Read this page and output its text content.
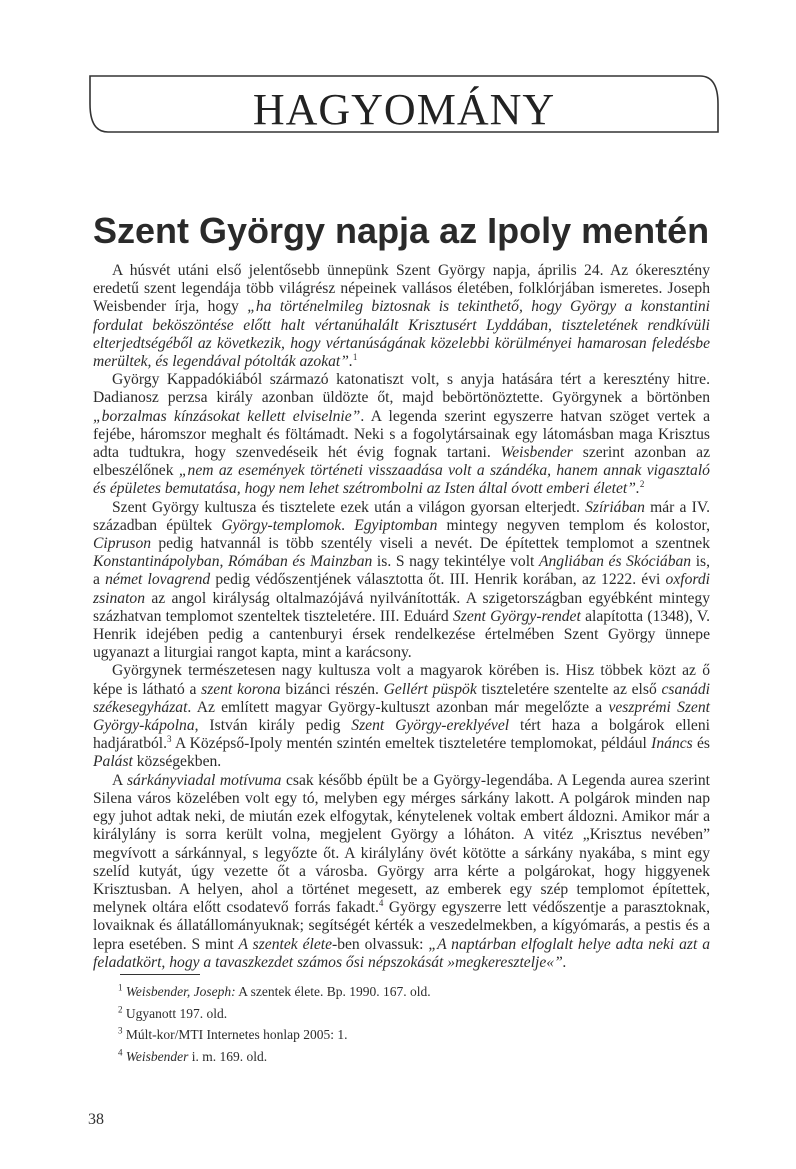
HAGYOMÁNY
Szent György napja az Ipoly mentén

A húsvét utáni első jelentősebb ünnepünk Szent György napja, április 24. Az ókeresztény eredetű szent legendája több világrész népeinek vallásos életében, folklórjában ismeretes. Joseph Weisbender írja, hogy „ha történelmileg biztosnak is tekinthető, hogy György a konstantini fordulat beköszöntése előtt halt vértanúhalált Krisztusért Lyddában, tiszteletének rendkívüli elterjedtségéből az következik, hogy vértanúságának közelebbi körülményei hamarosan feledésbe merültek, és legendával pótolták azokat”.$^1$

György Kappadókiából származó katonatiszt volt, s anyja hatására tért a keresztény hitre. Dadianosz perzsa király azonban üldözte őt, majd bebörtönöztette. Györgynek a börtönben „borzalmas kínzásokat kellett elviselnie”. A legenda szerint egyszerre hatvan szöget vertek a fejébe, háromszor meghalt és föltámadt. Neki s a fogolytársainak egy látomásban maga Krisztus adta tudtukra, hogy szenvedéseik hét évig fognak tartani. Weisbender szerint azonban az elbeszélőnek „nem az események történeti visszaadása volt a szándéka, hanem annak vigasztaló és épületes bemutatása, hogy nem lehet szétrombolni az Isten által óvott emberi életet”.$^2$

Szent György kultusza és tisztelete ezek után a világon gyorsan elterjedt. Szíriában már a IV. században épültek György-templomok. Egyiptomban mintegy negyven templom és kolostor, Cipruson pedig hatvannál is több szentély viseli a nevét. De építettek templomot a szentnek Konstantinápolyban, Rómában és Mainzban is. S nagy tekintélye volt Angliában és Skóciában is, a német lovagrend pedig védőszentjének választotta őt. III. Henrik korában, az 1222. évi oxfordi zsinaton az angol királyság oltalmazójává nyilvánították. A szigetországban egyébként mintegy százhatvan templomot szenteltek tiszteletére. III. Eduárd Szent György-rendet alapította (1348), V. Henrik idejében pedig a cantenburyi érsek rendelkezése értelmében Szent György ünnepe ugyanazt a liturgiai rangot kapta, mint a karácsony.

Györgynek természetesen nagy kultusza volt a magyarok körében is. Hisz többek közt az ő képe is látható a szent korona bizánci részén. Gellért püspök tiszteletére szentelte az első csanádi székesegyházat. Az említett magyar György-kultuszt azonban már megelőzte a veszprémi Szent György-kápolna, István király pedig Szent György-ereklyével tért haza a bolgárok elleni hadjáratból.$^3$ A Középső-Ipoly mentén szintén emeltek tiszteletére templomokat, például Ináncs és Palást községekben.

A sárkányviadal motívuma csak később épült be a György-legendába. A Legenda aurea szerint Silena város közelében volt egy tó, melyben egy mérges sárkány lakott. A polgárok minden nap egy juhot adtak neki, de miután ezek elfogytak, kénytelenek voltak embert áldozni. Amikor már a királylány is sorra került volna, megjelent György a lóháton. A vitéz „Krisztus nevében” megvívott a sárkánnyal, s legyőzte őt. A királylány övét kötötte a sárkány nyakába, s mint egy szelíd kutyát, úgy vezette őt a városba. György arra kérte a polgárokat, hogy higgyenek Krisztusban. A helyen, ahol a történet megesett, az emberek egy szép templomot építettek, melynek oltára előtt csodatevő forrás fakadt.$^4$ György egyszerre lett védőszentje a parasztoknak, lovaiknak és állatállományuknak; segítségét kérték a veszedelmekben, a kígyómarás, a pestis és a lepra esetében. S mint A szentek élete-ben olvassuk: „A naptárban elfoglalt helye adta neki azt a feladatkört, hogy a tavaszkezdet számos ősi népszokását »megkeresztelje«”.

$^1$ Weisbender, Joseph: A szentek élete. Bp. 1990. 167. old.
$^2$ Ugyanott 197. old.
$^3$ Múlt-kor/MTI Internetes honlap 2005: 1.
$^4$ Weisbender i. m. 169. old.
38
